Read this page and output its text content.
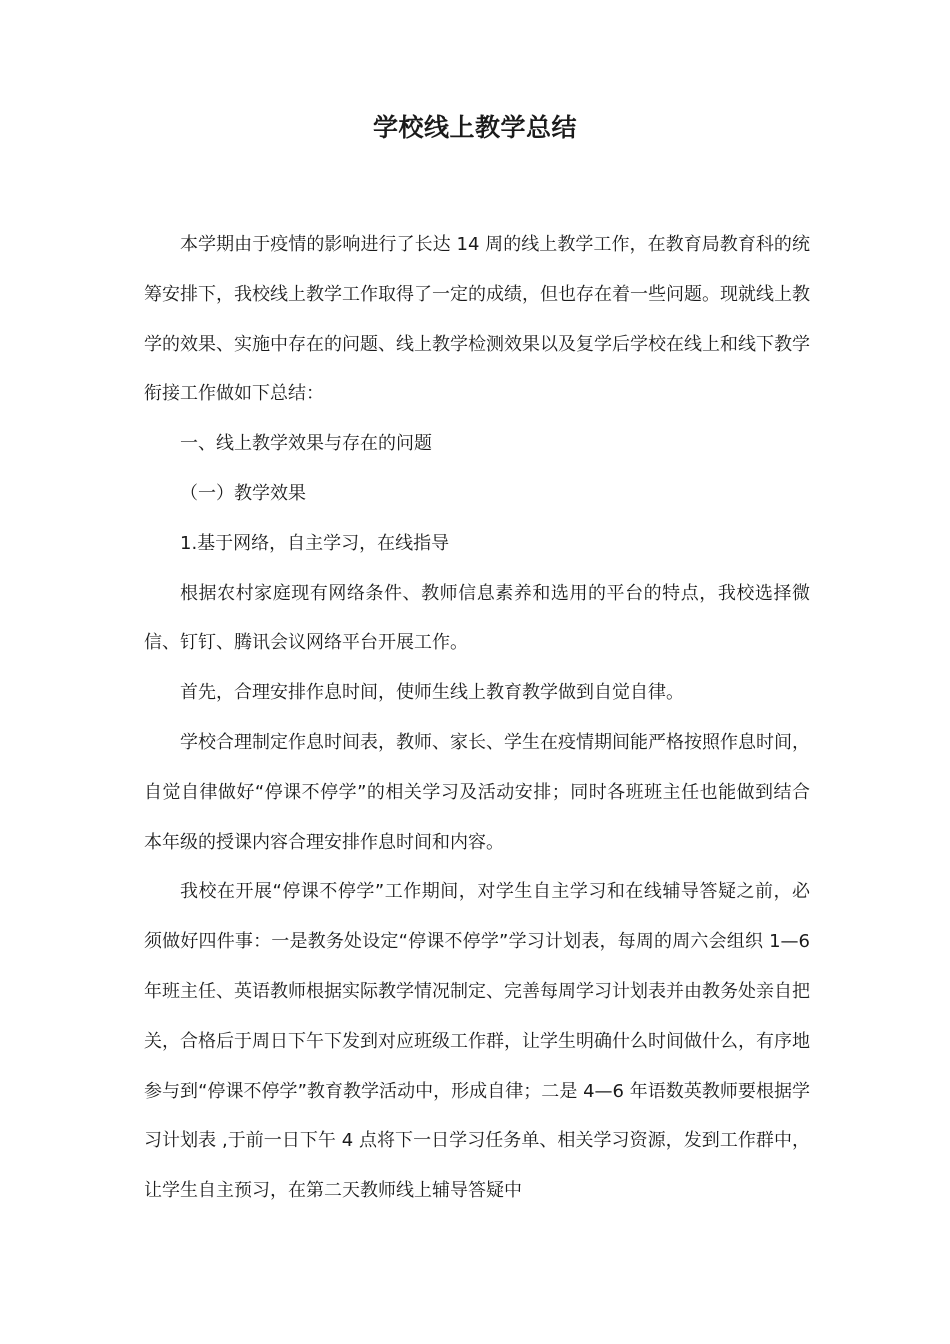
学校线上教学总结

本学期由于疫情的影响进行了长达 14 周的线上教学工作，在教育局教育科的统筹安排下，我校线上教学工作取得了一定的成绩，但也存在着一些问题。现就线上教学的效果、实施中存在的问题、线上教学检测效果以及复学后学校在线上和线下教学衔接工作做如下总结：

一、线上教学效果与存在的问题

（一）教学效果

1.基于网络，自主学习，在线指导

根据农村家庭现有网络条件、教师信息素养和选用的平台的特点，我校选择微信、钉钉、腾讯会议网络平台开展工作。

首先，合理安排作息时间，使师生线上教育教学做到自觉自律。

学校合理制定作息时间表，教师、家长、学生在疫情期间能严格按照作息时间，自觉自律做好“停课不停学”的相关学习及活动安排；同时各班班主任也能做到结合本年级的授课内容合理安排作息时间和内容。

我校在开展“停课不停学”工作期间，对学生自主学习和在线辅导答疑之前，必须做好四件事：一是教务处设定“停课不停学”学习计划表，每周的周六会组织 1—6 年班主任、英语教师根据实际教学情况制定、完善每周学习计划表并由教务处亲自把关，合格后于周日下午下发到对应班级工作群，让学生明确什么时间做什么，有序地参与到“停课不停学”教育教学活动中，形成自律；二是 4—6 年语数英教师要根据学习计划表 ,于前一日下午 4 点将下一日学习任务单、相关学习资源，发到工作群中，让学生自主预习，在第二天教师线上辅导答疑中
